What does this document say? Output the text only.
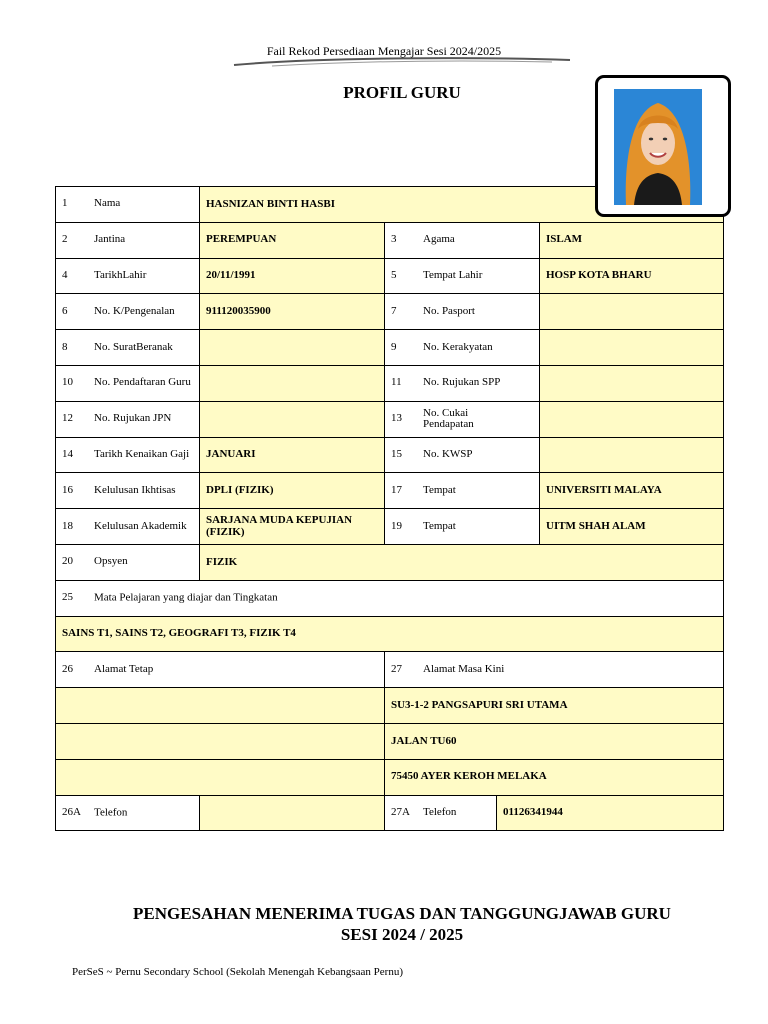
Fail Rekod Persediaan Mengajar Sesi 2024/2025
PROFIL GURU
1 Nama	HASNIZAN BINTI HASBI		
2 Jantina	PEREMPUAN	3 Agama	ISLAM
4 TarikhLahir	20/11/1991	5 Tempat Lahir	HOSP KOTA BHARU
6 No. K/Pengenalan	911120035900	7 No. Pasport	
8 No. SuratBeranak		9 No. Kerakyatan	
10 No. Pendaftaran Guru		11 No. Rujukan SPP	
12 No. Rujukan JPN		13 No. Cukai Pendapatan	
14 Tarikh Kenaikan Gaji	JANUARI	15 No. KWSP	
16 Kelulusan Ikhtisas	DPLI (FIZIK)	17 Tempat	UNIVERSITI MALAYA
18 Kelulusan Akademik	SARJANA MUDA KEPUJIAN (FIZIK)	19 Tempat	UITM SHAH ALAM
20 Opsyen	FIZIK		
25 Mata Pelajaran yang diajar dan Tingkatan			
SAINS T1, SAINS T2, GEOGRAFI T3, FIZIK T4			
26 Alamat Tetap		27 Alamat Masa Kini	
		SU3-1-2 PANGSAPURI SRI UTAMA	
		JALAN TU60	
		75450 AYER KEROH MELAKA	
26A Telefon		27A Telefon 01126341944	
PENGESAHAN MENERIMA TUGAS DAN TANGGUNGJAWAB GURU
SESI 2024 / 2025
PerSeS ~ Pernu Secondary School (Sekolah Menengah Kebangsaan Pernu)
